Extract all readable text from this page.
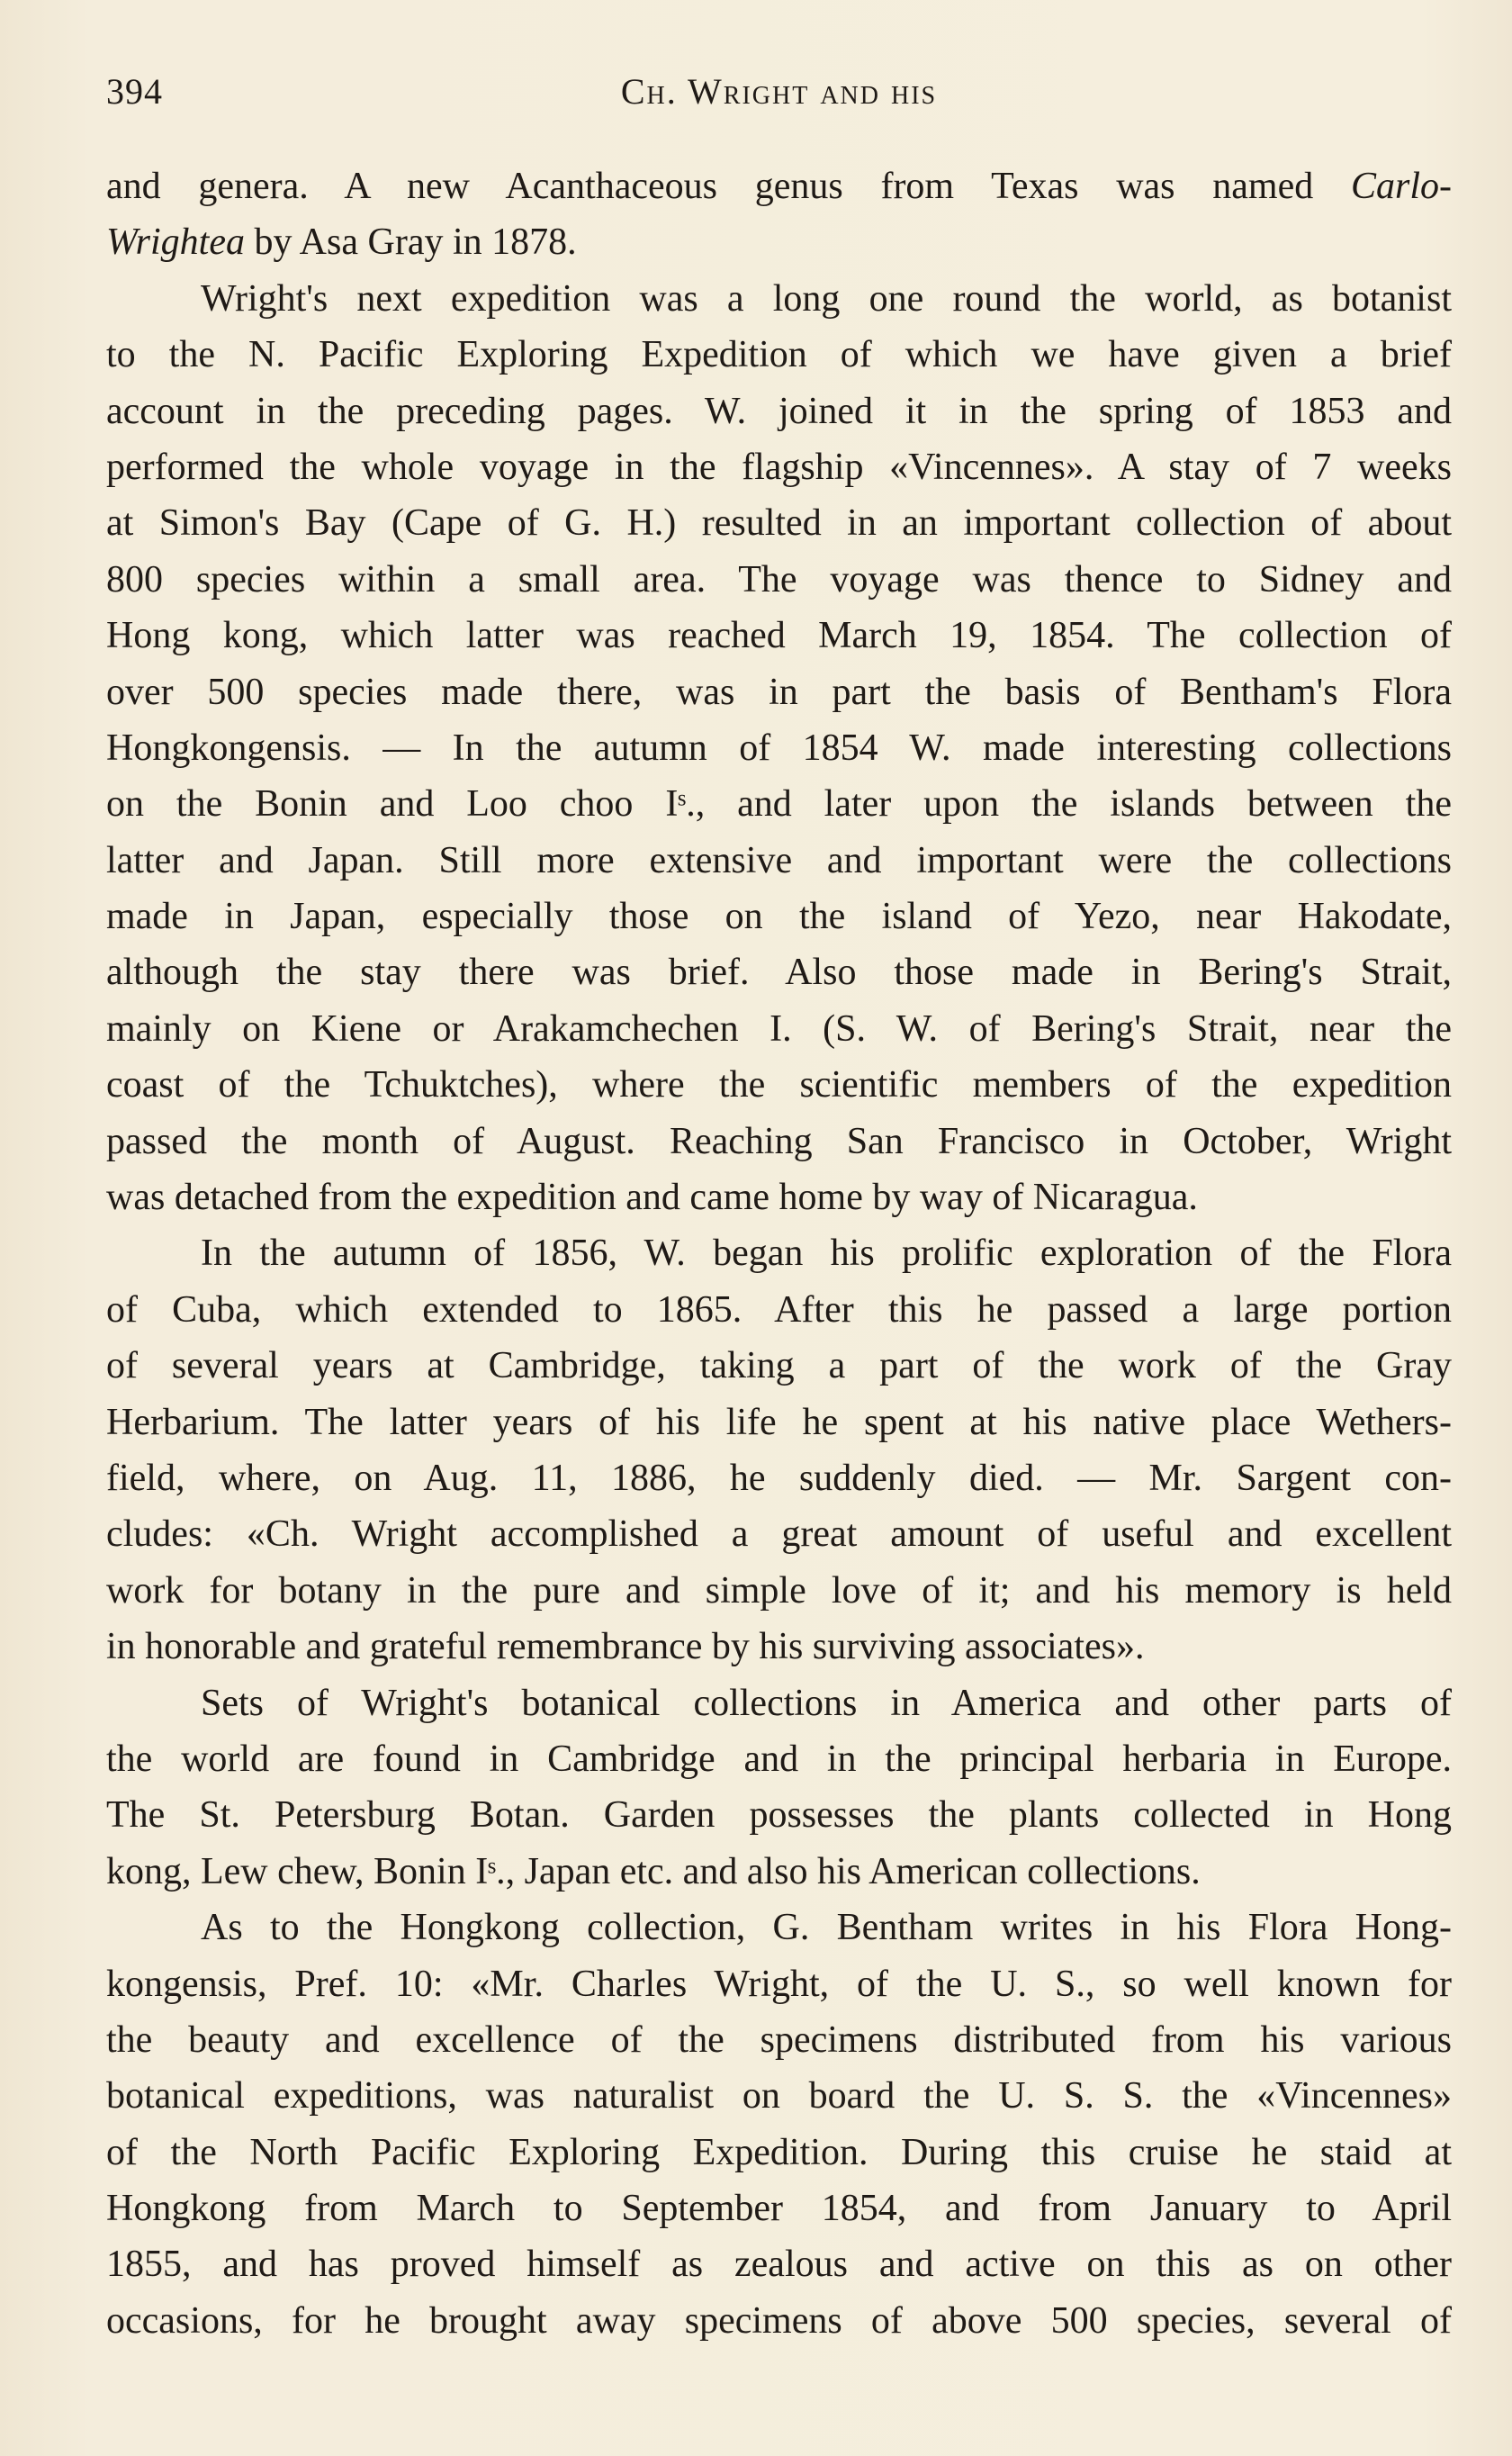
394	Ch. Wright and his
and genera. A new Acanthaceous genus from Texas was named Carlo-
Wrightea by Asa Gray in 1878.
Wright's next expedition was a long one round the world, as botanist
to the N. Pacific Exploring Expedition of which we have given a brief
account in the preceding pages. W. joined it in the spring of 1853 and
performed the whole voyage in the flagship «Vincennes». A stay of 7 weeks
at Simon's Bay (Cape of G. H.) resulted in an important collection of about
800 species within a small area. The voyage was thence to Sidney and
Hong kong, which latter was reached March 19, 1854. The collection of
over 500 species made there, was in part the basis of Bentham's Flora
Hongkongensis. — In the autumn of 1854 W. made interesting collections
on the Bonin and Loo choo Iˢ., and later upon the islands between the
latter and Japan. Still more extensive and important were the collections
made in Japan, especially those on the island of Yezo, near Hakodate,
although the stay there was brief. Also those made in Bering's Strait,
mainly on Kiene or Arakamchechen I. (S. W. of Bering's Strait, near the
coast of the Tchuktches), where the scientific members of the expedition
passed the month of August. Reaching San Francisco in October, Wright
was detached from the expedition and came home by way of Nicaragua.
In the autumn of 1856, W. began his prolific exploration of the Flora
of Cuba, which extended to 1865. After this he passed a large portion
of several years at Cambridge, taking a part of the work of the Gray
Herbarium. The latter years of his life he spent at his native place Wethers-
field, where, on Aug. 11, 1886, he suddenly died. — Mr. Sargent con-
cludes: «Ch. Wright accomplished a great amount of useful and excellent
work for botany in the pure and simple love of it; and his memory is held
in honorable and grateful remembrance by his surviving associates».
Sets of Wright's botanical collections in America and other parts of
the world are found in Cambridge and in the principal herbaria in Europe.
The St. Petersburg Botan. Garden possesses the plants collected in Hong
kong, Lew chew, Bonin Iˢ., Japan etc. and also his American collections.
As to the Hongkong collection, G. Bentham writes in his Flora Hong-
kongensis, Pref. 10: «Mr. Charles Wright, of the U. S., so well known for
the beauty and excellence of the specimens distributed from his various
botanical expeditions, was naturalist on board the U. S. S. the «Vincennes»
of the North Pacific Exploring Expedition. During this cruise he staid at
Hongkong from March to September 1854, and from January to April
1855, and has proved himself as zealous and active on this as on other
occasions, for he brought away specimens of above 500 species, several of
